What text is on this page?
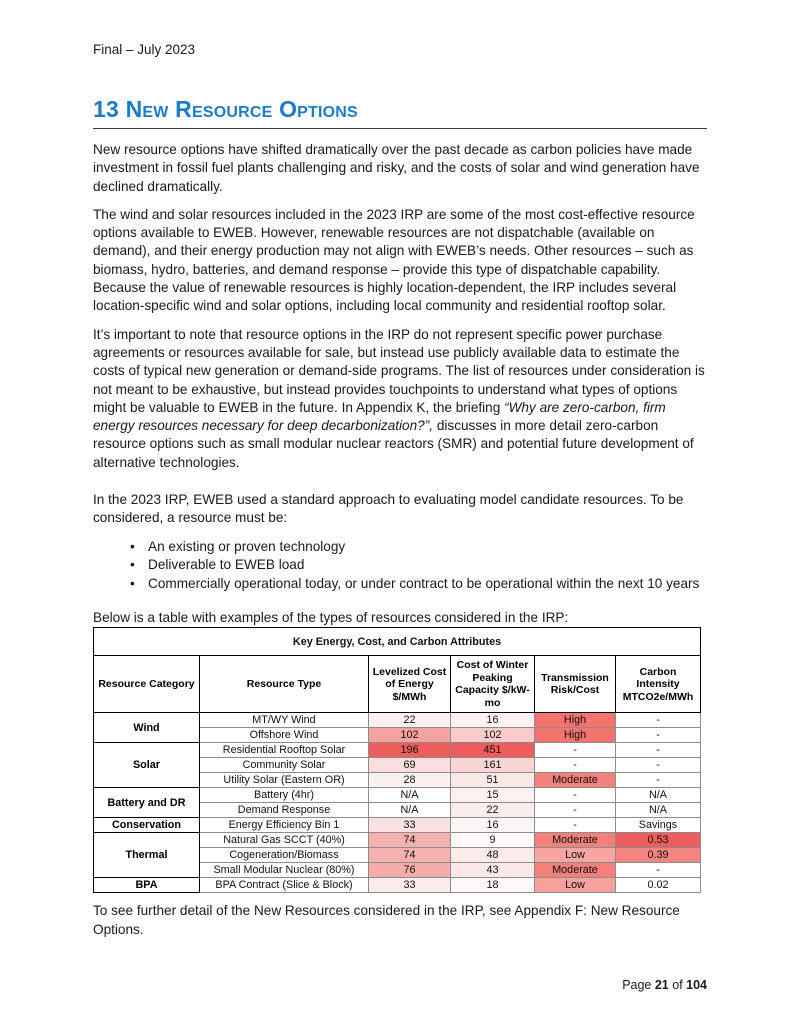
Final – July 2023
13 New Resource Options

New resource options have shifted dramatically over the past decade as carbon policies have made investment in fossil fuel plants challenging and risky, and the costs of solar and wind generation have declined dramatically.

The wind and solar resources included in the 2023 IRP are some of the most cost-effective resource options available to EWEB. However, renewable resources are not dispatchable (available on demand), and their energy production may not align with EWEB’s needs. Other resources – such as biomass, hydro, batteries, and demand response – provide this type of dispatchable capability. Because the value of renewable resources is highly location-dependent, the IRP includes several location-specific wind and solar options, including local community and residential rooftop solar.

It’s important to note that resource options in the IRP do not represent specific power purchase agreements or resources available for sale, but instead use publicly available data to estimate the costs of typical new generation or demand-side programs. The list of resources under consideration is not meant to be exhaustive, but instead provides touchpoints to understand what types of options might be valuable to EWEB in the future. In Appendix K, the briefing “Why are zero-carbon, firm energy resources necessary for deep decarbonization?”, discusses in more detail zero-carbon resource options such as small modular nuclear reactors (SMR) and potential future development of alternative technologies.

In the 2023 IRP, EWEB used a standard approach to evaluating model candidate resources. To be considered, a resource must be:

• An existing or proven technology
• Deliverable to EWEB load
• Commercially operational today, or under contract to be operational within the next 10 years

Below is a table with examples of the types of resources considered in the IRP:

Key Energy, Cost, and Carbon Attributes					
Resource Category	Resource Type	Levelized Cost of Energy $/MWh	Cost of Winter Peaking Capacity $/kW-mo	Transmission Risk/Cost	Carbon Intensity MTCO2e/MWh
Wind	MT/WY Wind	22	16	High	-
	Offshore Wind	102	102	High	-
Solar	Residential Rooftop Solar	196	451	-	-
	Community Solar	69	161	-	-
	Utility Solar (Eastern OR)	28	51	Moderate	-
Battery and DR	Battery (4hr)	N/A	15	-	N/A
	Demand Response	N/A	22	-	N/A
Conservation	Energy Efficiency Bin 1	33	16	-	Savings
Thermal	Natural Gas SCCT (40%)	74	9	Moderate	0.53
	Cogeneration/Biomass	74	48	Low	0.39
	Small Modular Nuclear (80%)	76	43	Moderate	-
BPA	BPA Contract (Slice & Block)	33	18	Low	0.02

To see further detail of the New Resources considered in the IRP, see Appendix F: New Resource Options.

Page 21 of 104
